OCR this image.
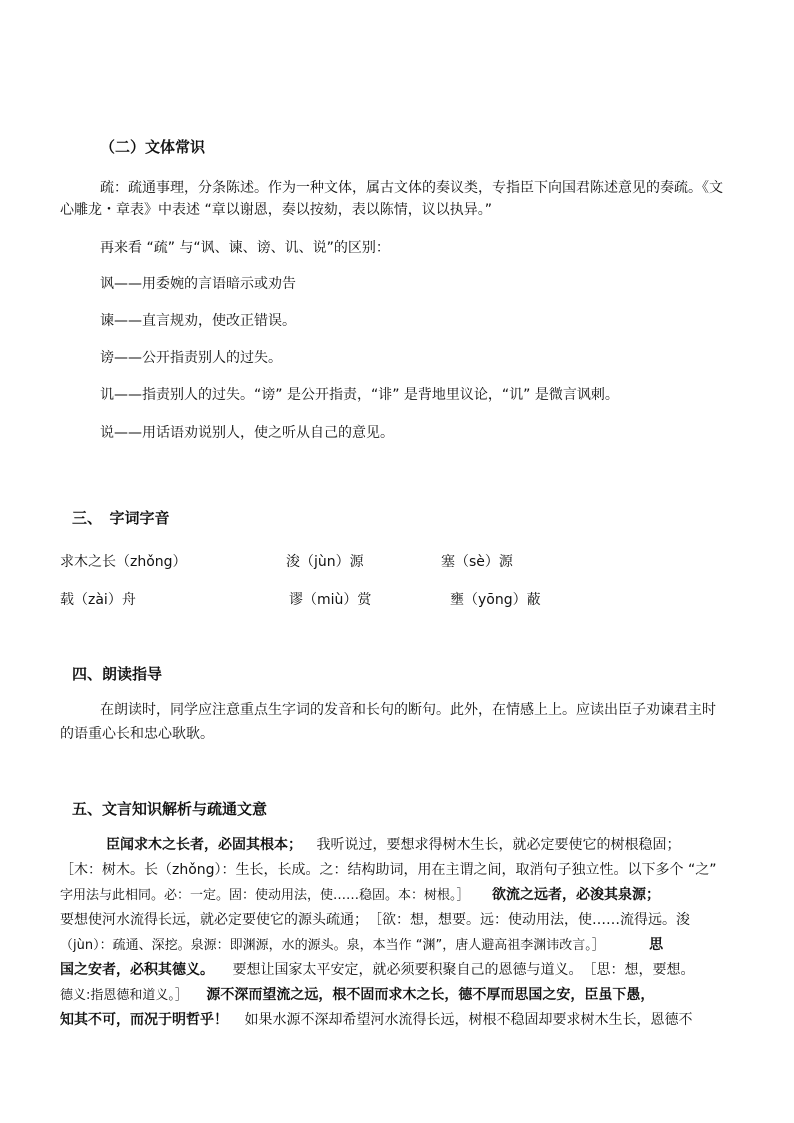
（二）文体常识
疏：疏通事理，分条陈述。作为一种文体，属古文体的奏议类，专指臣下向国君陈述意见的奏疏。《文
心雕龙・章表》中表述 “章以谢恩，奏以按劾，表以陈情，议以执异。”
再来看 “疏” 与“讽、谏、谤、讥、说”的区别：
讽——用委婉的言语暗示或劝告
谏——直言规劝，使改正错误。
谤——公开指责别人的过失。
讥——指责别人的过失。“谤” 是公开指责，“诽” 是背地里议论，“讥” 是微言讽刺。
说——用话语劝说别人，使之听从自己的意见。
三、　字词字音
求木之长（zhǒng）	浚（jùn）源	塞（sè）源
载（zài）舟	谬（miù）赏	壅（yōng）蔽
四、朗读指导
在朗读时，同学应注意重点生字词的发音和长句的断句。此外，在情感上上。应读出臣子劝谏君主时
的语重心长和忠心耿耿。
五、文言知识解析与疏通文意
臣闻求木之长者，必固其根本； 我听说过，要想求得树木生长，就必定要使它的树根稳固；
［木：树木。长（zhǒng）：生长，长成。之：结构助词，用在主谓之间，取消句子独立性。以下多个 “之”
字用法与此相同。必：一定。固：使动用法，使……稳固。本：树根。］ 欲流之远者，必浚其泉源；
要想使河水流得长远，就必定要使它的源头疏通；　［欲：想，想要。远：使动用法，使……流得远。浚
（jùn）：疏通、深挖。泉源：即渊源，水的源头。泉，本当作 “渊”，唐人避高祖李渊讳改言。］	思
国之安者，必积其德义。 要想让国家太平安定，就必须要积聚自己的恩德与道义。　［思：想，要想。
德义:指恩德和道义。］ 源不深而望流之远，根不固而求木之长，德不厚而思国之安，臣虽下愚，
知其不可，而况于明哲乎！ 如果水源不深却希望河水流得长远，树根不稳固却要求树木生长，恩德不
